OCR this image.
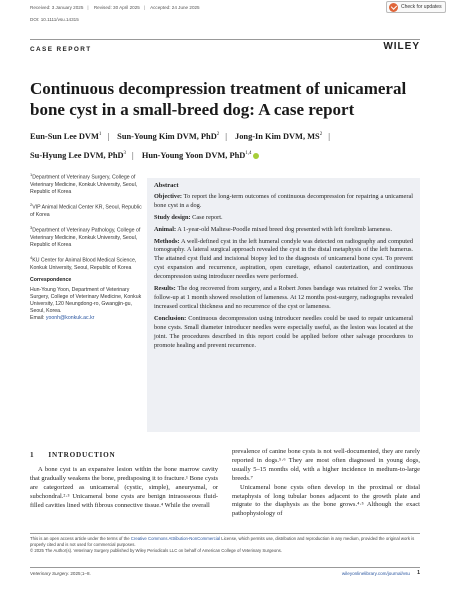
Received: 3 January 2025 | Revised: 30 April 2025 | Accepted: 24 June 2025
DOI: 10.1111/vsu.14315
Check for updates
CASE REPORT	WILEY
Continuous decompression treatment of unicameral bone cyst in a small-breed dog: A case report
Eun-Sun Lee DVM$^1$ | Sun-Young Kim DVM, PhD$^2$ | Jong-In Kim DVM, $MS^2$ |
Su-Hyung Lee DVM, PhD$^3$ | Hun-Young Yoon DVM, PhD$^{1,4}$

$^1$Department of Veterinary Surgery, College of Veterinary Medicine, Konkuk University, Seoul, Republic of Korea

$^2$VIP Animal Medical Center KR, Seoul, Republic of Korea

$^3$Department of Veterinary Pathology, College of Veterinary Medicine, Konkuk University, Seoul, Republic of Korea

$^4$KU Center for Animal Blood Medical Science, Konkuk University, Seoul, Republic of Korea

Correspondence

Hun-Young Yoon, Department of Veterinary Surgery, College of Veterinary Medicine, Konkuk University, 120 Neungdong-ro, Gwangjin-gu, Seoul, Korea.
Email: yoonh@konkuk.ac.kr

Abstract

Objective: To report the long-term outcomes of continuous decompression for repairing a unicameral bone cyst in a dog.

Study design: Case report.

Animal: A 1-year-old Maltese-Poodle mixed breed dog presented with left forelimb lameness.

Methods: A well-defined cyst in the left humeral condyle was detected on radiography and computed tomography. A lateral surgical approach revealed the cyst in the distal metaphysis of the left humerus. The attained cyst fluid and incisional biopsy led to the diagnosis of unicameral bone cyst. To prevent cyst expansion and recurrence, aspiration, open curettage, ethanol cauterization, and continuous decompression using introducer needles were performed.

Results: The dog recovered from surgery, and a Robert Jones bandage was retained for 2 weeks. The follow-up at 1 month showed resolution of lameness. At 12 months post-surgery, radiographs revealed increased cortical thickness and no recurrence of the cyst or lameness.

Conclusion: Continuous decompression using introducer needles could be used to repair unicameral bone cysts. Small diameter introducer needles were especially useful, as the lesion was located at the joint. The procedures described in this report could be applied before other salvage procedures to promote healing and prevent recurrence.

1 INTRODUCTION

A bone cyst is an expansive lesion within the bone marrow cavity that gradually weakens the bone, predisposing it to fracture.¹ Bone cysts are categorized as unicameral (cystic, simple), aneurysmal, or subchondral.²·³ Unicameral bone cysts are benign intraosseous fluid-filled cavities lined with fibrous connective tissue.⁴ While the overall

prevalence of canine bone cysts is not well-documented, they are rarely reported in dogs.⁵·⁶ They are most often diagnosed in young dogs, usually 5–15 months old, with a higher incidence in medium-to-large breeds.⁷

Unicameral bone cysts often develop in the proximal or distal metaphysis of long tubular bones adjacent to the growth plate and migrate to the diaphysis as the bone grows.⁴·⁵ Although the exact pathophysiology of

This is an open access article under the terms of the Creative Commons Attribution-NonCommercial License, which permits use, distribution and reproduction in any medium, provided the original work is properly cited and is not used for commercial purposes.
© 2025 The Author(s). Veterinary Surgery published by Wiley Periodicals LLC on behalf of American College of Veterinary Surgeons.
Veterinary Surgery. 2025;1–8.	wileyonlinelibrary.com/journal/vsu 1
